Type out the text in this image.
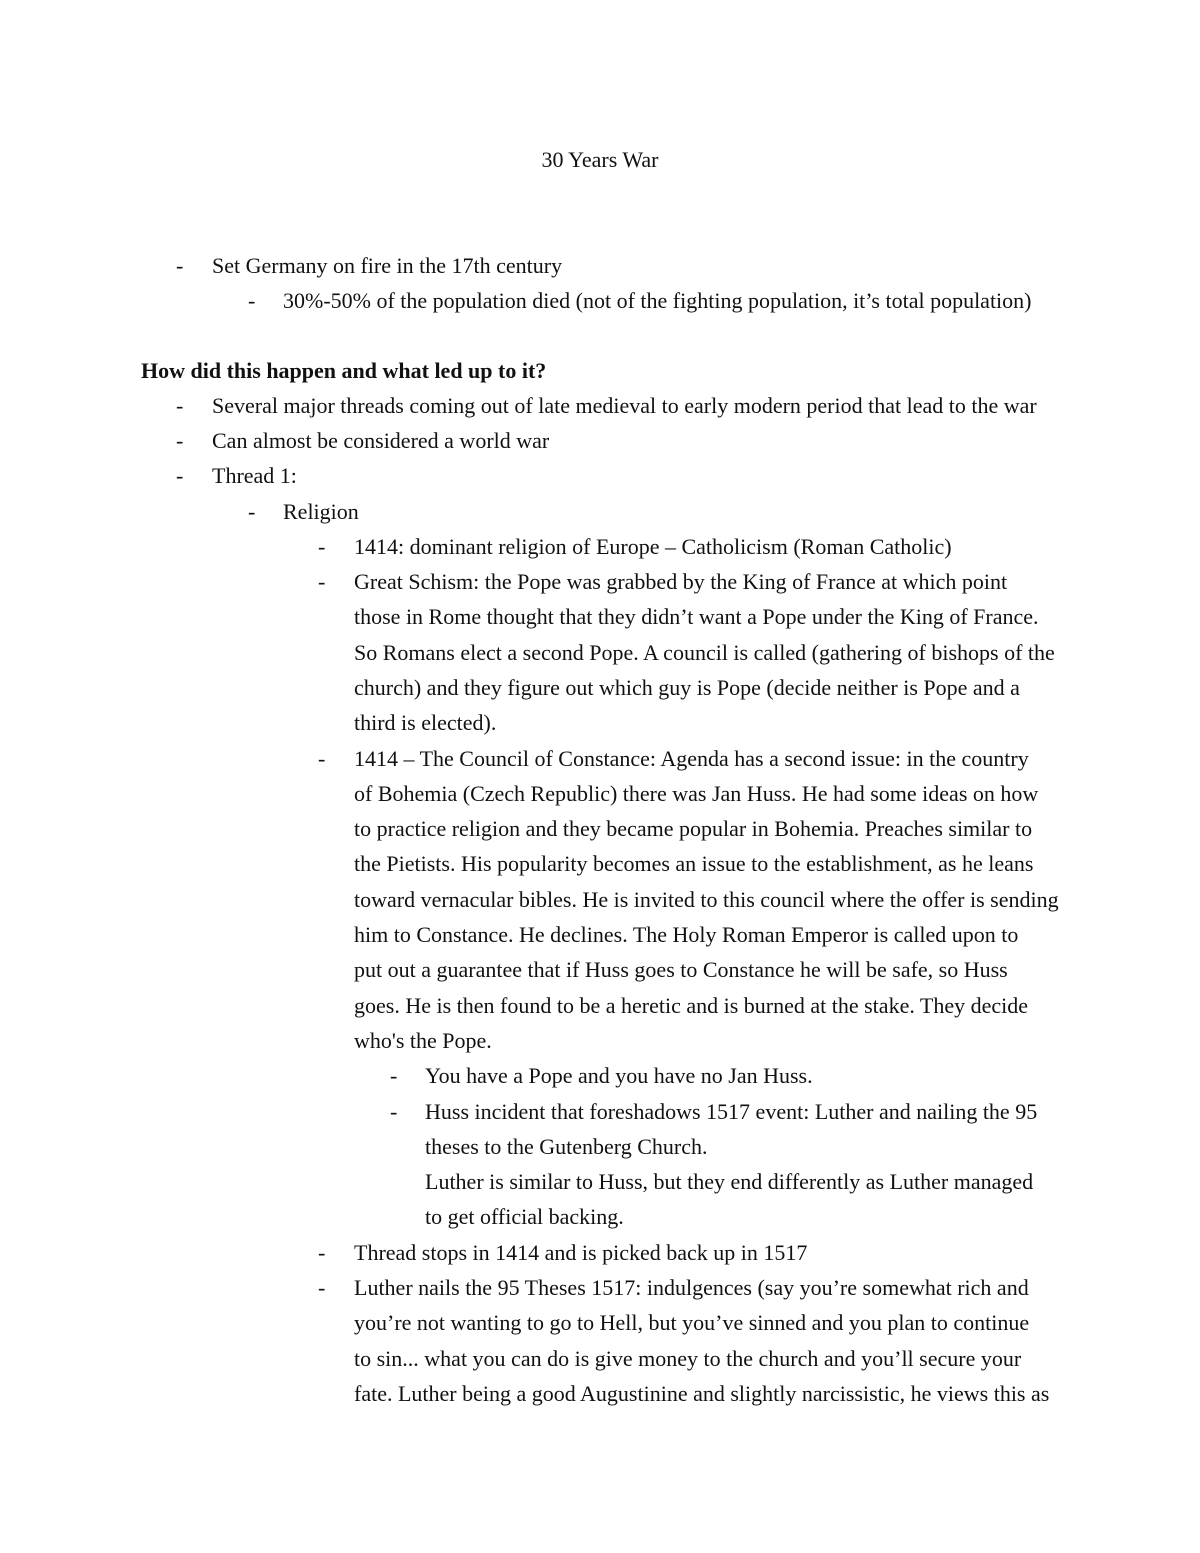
30 Years War
- Set Germany on fire in the 17th century
- 30%-50% of the population died (not of the fighting population, it’s total population)
How did this happen and what led up to it?
- Several major threads coming out of late medieval to early modern period that lead to the war
- Can almost be considered a world war
- Thread 1:
- Religion
- 1414: dominant religion of Europe – Catholicism (Roman Catholic)
- Great Schism: the Pope was grabbed by the King of France at which point
those in Rome thought that they didn’t want a Pope under the King of France.
So Romans elect a second Pope. A council is called (gathering of bishops of the
church) and they figure out which guy is Pope (decide neither is Pope and a
third is elected).
- 1414 – The Council of Constance: Agenda has a second issue: in the country
of Bohemia (Czech Republic) there was Jan Huss. He had some ideas on how
to practice religion and they became popular in Bohemia. Preaches similar to
the Pietists. His popularity becomes an issue to the establishment, as he leans
toward vernacular bibles. He is invited to this council where the offer is sending
him to Constance. He declines. The Holy Roman Emperor is called upon to
put out a guarantee that if Huss goes to Constance he will be safe, so Huss
goes. He is then found to be a heretic and is burned at the stake. They decide
who's the Pope.
- You have a Pope and you have no Jan Huss.
- Huss incident that foreshadows 1517 event: Luther and nailing the 95
theses to the Gutenberg Church.
Luther is similar to Huss, but they end differently as Luther managed
to get official backing.
- Thread stops in 1414 and is picked back up in 1517
- Luther nails the 95 Theses 1517: indulgences (say you’re somewhat rich and
you’re not wanting to go to Hell, but you’ve sinned and you plan to continue
to sin... what you can do is give money to the church and you’ll secure your
fate. Luther being a good Augustinine and slightly narcissistic, he views this as
